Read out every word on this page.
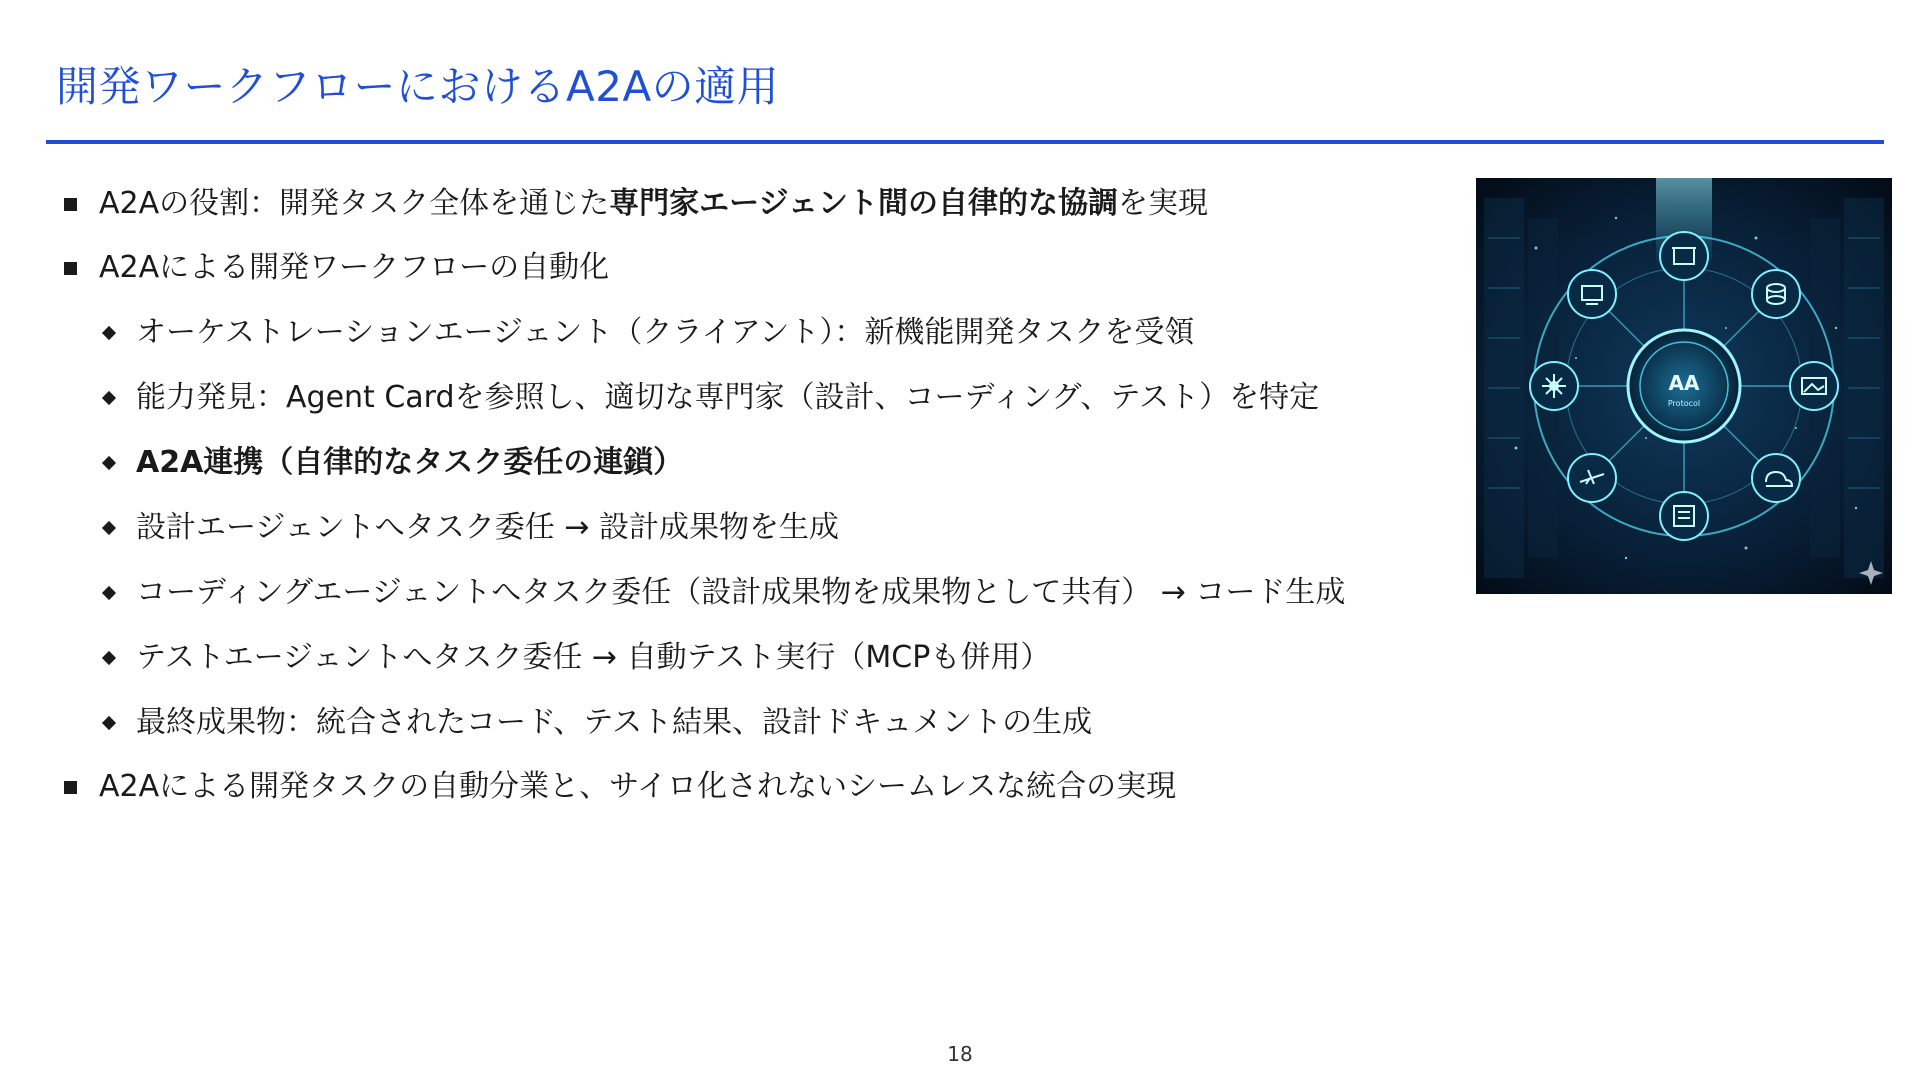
開発ワークフローにおけるA2Aの適用
A2Aの役割：開発タスク全体を通じた専門家エージェント間の自律的な協調を実現
A2Aによる開発ワークフローの自動化
オーケストレーションエージェント（クライアント）：新機能開発タスクを受領
能力発見：Agent Cardを参照し、適切な専門家（設計、コーディング、テスト）を特定
A2A連携（自律的なタスク委任の連鎖）
設計エージェントへタスク委任 → 設計成果物を生成
コーディングエージェントへタスク委任（設計成果物を成果物として共有） → コード生成
テストエージェントへタスク委任 → 自動テスト実行（MCPも併用）
最終成果物：統合されたコード、テスト結果、設計ドキュメントの生成
A2Aによる開発タスクの自動分業と、サイロ化されないシームレスな統合の実現
AA
Protocol
18
